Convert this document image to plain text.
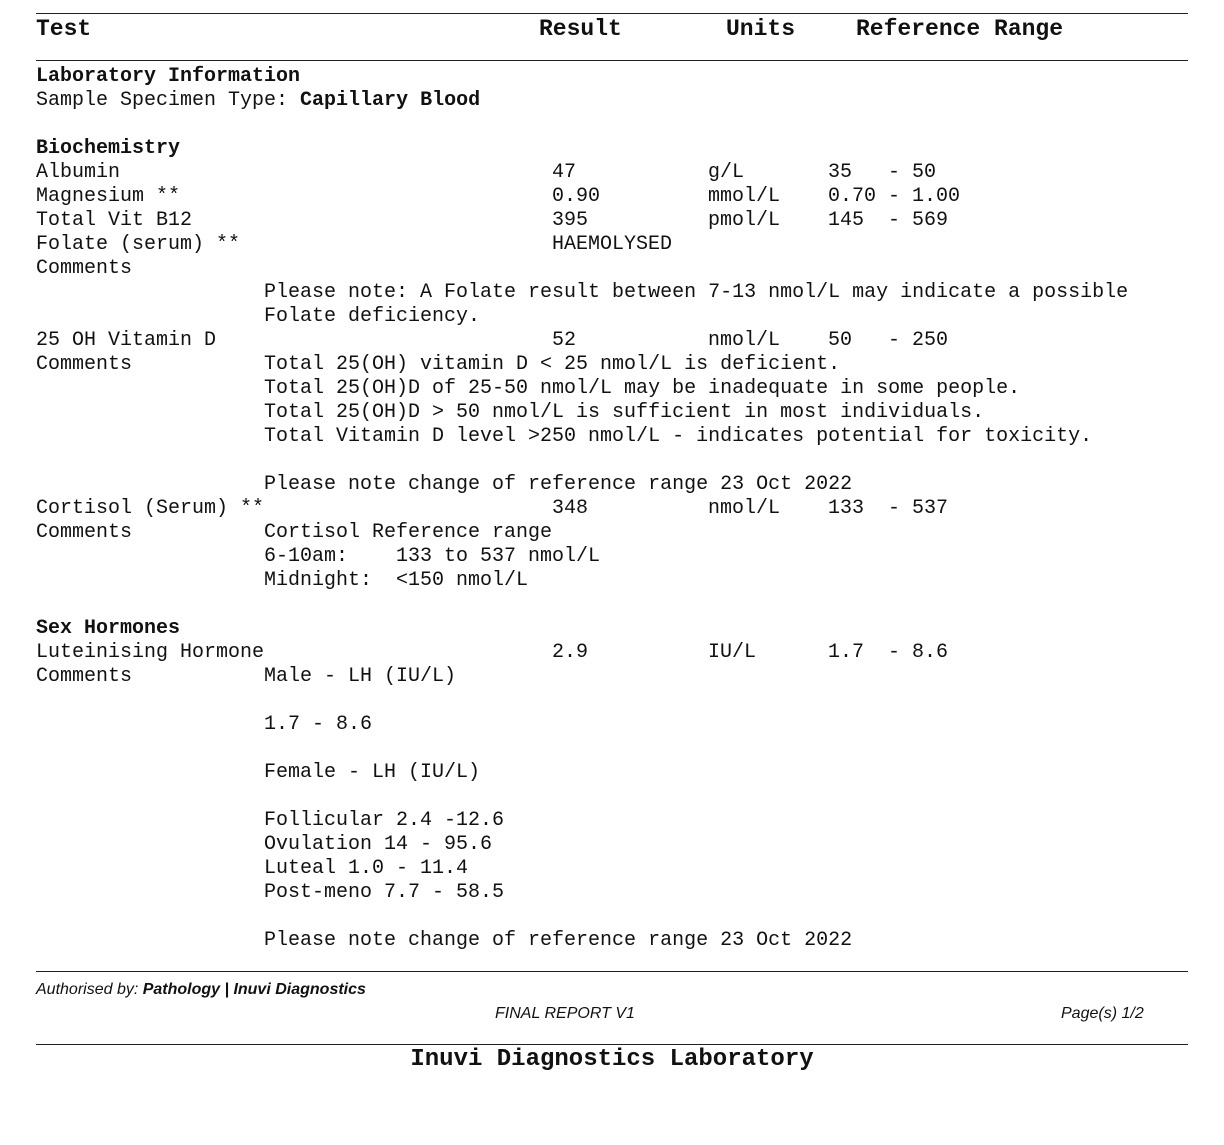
Test	Result	Units	Reference Range
Laboratory Information
Sample Specimen Type: Capillary Blood
Biochemistry
Albumin	47	g/L	35 - 50
Magnesium **	0.90	mmol/L 0.70 - 1.00
Total Vit B12	395	pmol/L 145 - 569
Folate (serum) **	HAEMOLYSED
Comments
Please note: A Folate result between 7-13 nmol/L may indicate a possible
Folate deficiency.
25 OH Vitamin D	52	nmol/L 50 - 250
Comments	Total 25(OH) vitamin D < 25 nmol/L is deficient.
Total 25(OH)D of 25-50 nmol/L may be inadequate in some people.
Total 25(OH)D > 50 nmol/L is sufficient in most individuals.
Total Vitamin D level >250 nmol/L - indicates potential for toxicity.
Please note change of reference range 23 Oct 2022
Cortisol (Serum) **	348	nmol/L 133 - 537
Comments	Cortisol Reference range
6-10am:    133 to 537 nmol/L
Midnight:  <150 nmol/L
Sex Hormones
Luteinising Hormone	2.9	IU/L	1.7 - 8.6
Comments	Male - LH (IU/L)
1.7 - 8.6
Female - LH (IU/L)
Follicular 2.4 -12.6
Ovulation 14 - 95.6
Luteal 1.0 - 11.4
Post-meno 7.7 - 58.5
Please note change of reference range 23 Oct 2022
Authorised by: Pathology | Inuvi Diagnostics
FINAL REPORT V1	Page(s) 1/2
Inuvi Diagnostics Laboratory
